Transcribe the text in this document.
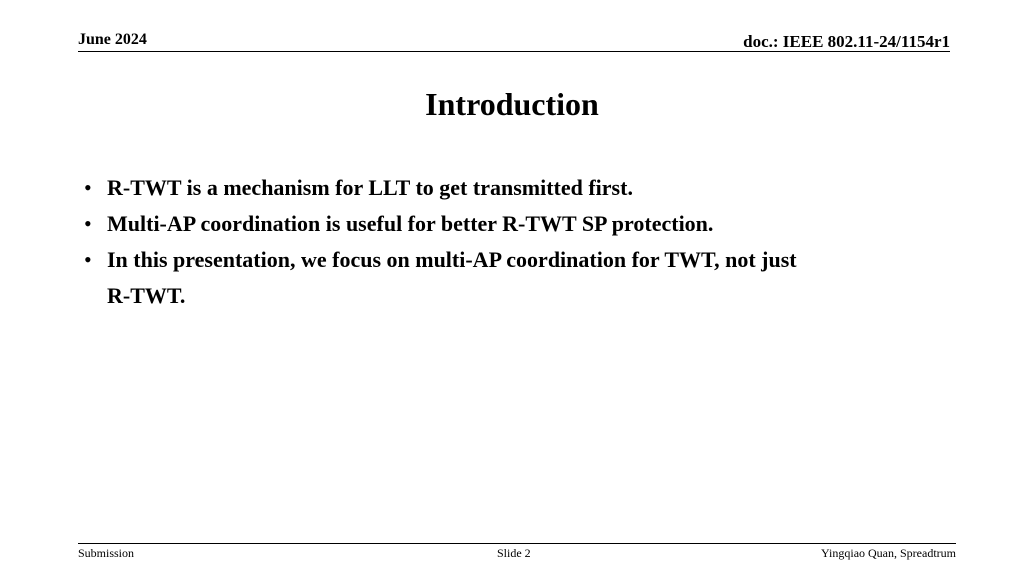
June 2024	doc.: IEEE 802.11-24/1154r1
Introduction
• R-TWT is a mechanism for LLT to get transmitted first.
• Multi-AP coordination is useful for better R-TWT SP protection.
• In this presentation, we focus on multi-AP coordination for TWT, not just
R-TWT.
Submission	Slide 2	Yingqiao Quan, Spreadtrum
